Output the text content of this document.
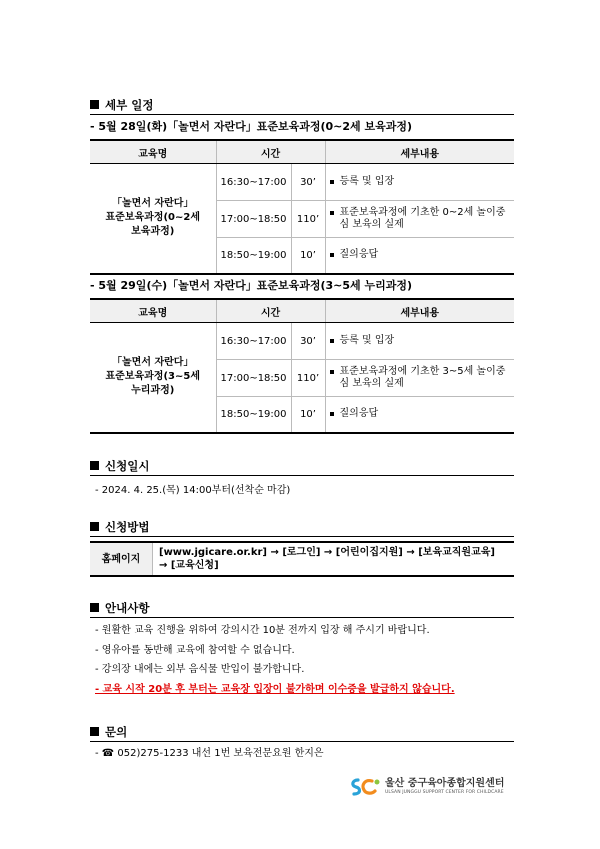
세부 일정
- 5월 28일(화)「놀면서 자란다」표준보육과정(0~2세 보육과정)
교육명	시간		세부내용

「놀면서 자란다」
표준보육과정(0~2세
보육과정)	16:30~17:00	30’	등록 및 입장

	17:00~18:50	110’	표준보육과정에 기초한 0~2세 놀이중심 보육의 실제

	18:50~19:00	10’	질의응답
- 5월 29일(수)「놀면서 자란다」표준보육과정(3~5세 누리과정)
교육명	시간		세부내용

「놀면서 자란다」
표준보육과정(3~5세
누리과정)	16:30~17:00	30’	등록 및 입장

	17:00~18:50	110’	표준보육과정에 기초한 3~5세 놀이중심 보육의 실제

	18:50~19:00	10’	질의응답
신청일시
- 2024. 4. 25.(목) 14:00부터(선착순 마감)
신청방법
홈페이지	
[www.jgicare.or.kr] → [로그인] → [어린이집지원] → [보육교직원교육]
→ [교육신청]
안내사항
- 원활한 교육 진행을 위하여 강의시간 10분 전까지 입장 해 주시기 바랍니다.
- 영유아를 동반해 교육에 참여할 수 없습니다.
- 강의장 내에는 외부 음식물 반입이 불가합니다.
- 교육 시작 20분 후 부터는 교육장 입장이 불가하며 이수증을 발급하지 않습니다.
문의
- ☎ 052)275-1233 내선 1번 보육전문요원 한지은
울산 중구육아종합지원센터
ULSAN JUNGGU SUPPORT CENTER FOR CHILDCARE
